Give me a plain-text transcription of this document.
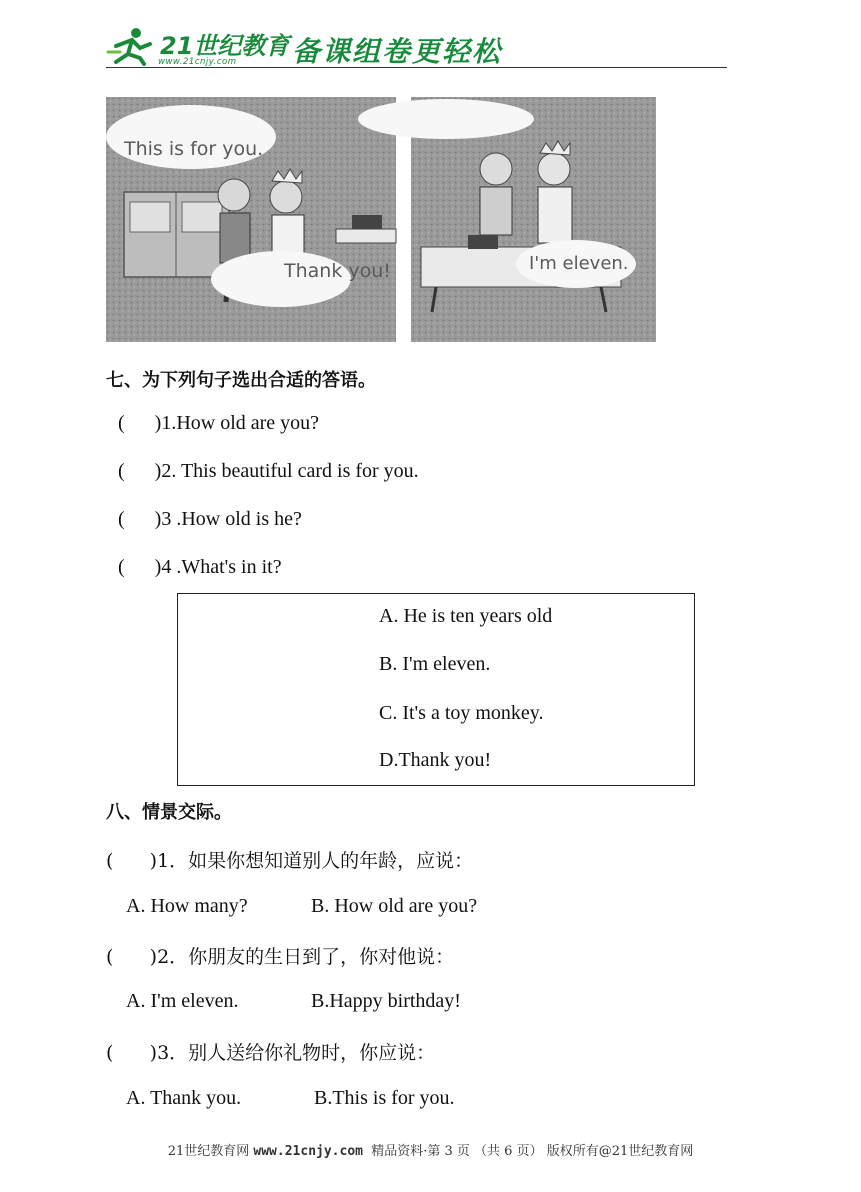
21世纪教育
www.21cnjy.com 备课组卷更轻松
This is for you.
Thank you!	I'm eleven.
七、为下列句子选出合适的答语。
(      )1.How old are you?
(      )2. This beautiful card is for you.
(      )3 .How old is he?
(      )4 .What's in it?
A. He is ten years old
B. I'm eleven.
C. It's a toy monkey.
D.Thank you!
八、情景交际。
(      )1．如果你想知道别人的年龄，应说：
A. How many?	B. How old are you?
(      )2．你朋友的生日到了，你对他说：
A. I'm eleven.	B.Happy birthday!
(      )3．别人送给你礼物时，你应说：
A. Thank you.	B.This is for you.
21世纪教育网 www.21cnjy.com 精品资料·第 3 页 （共 6 页） 版权所有@21世纪教育网
